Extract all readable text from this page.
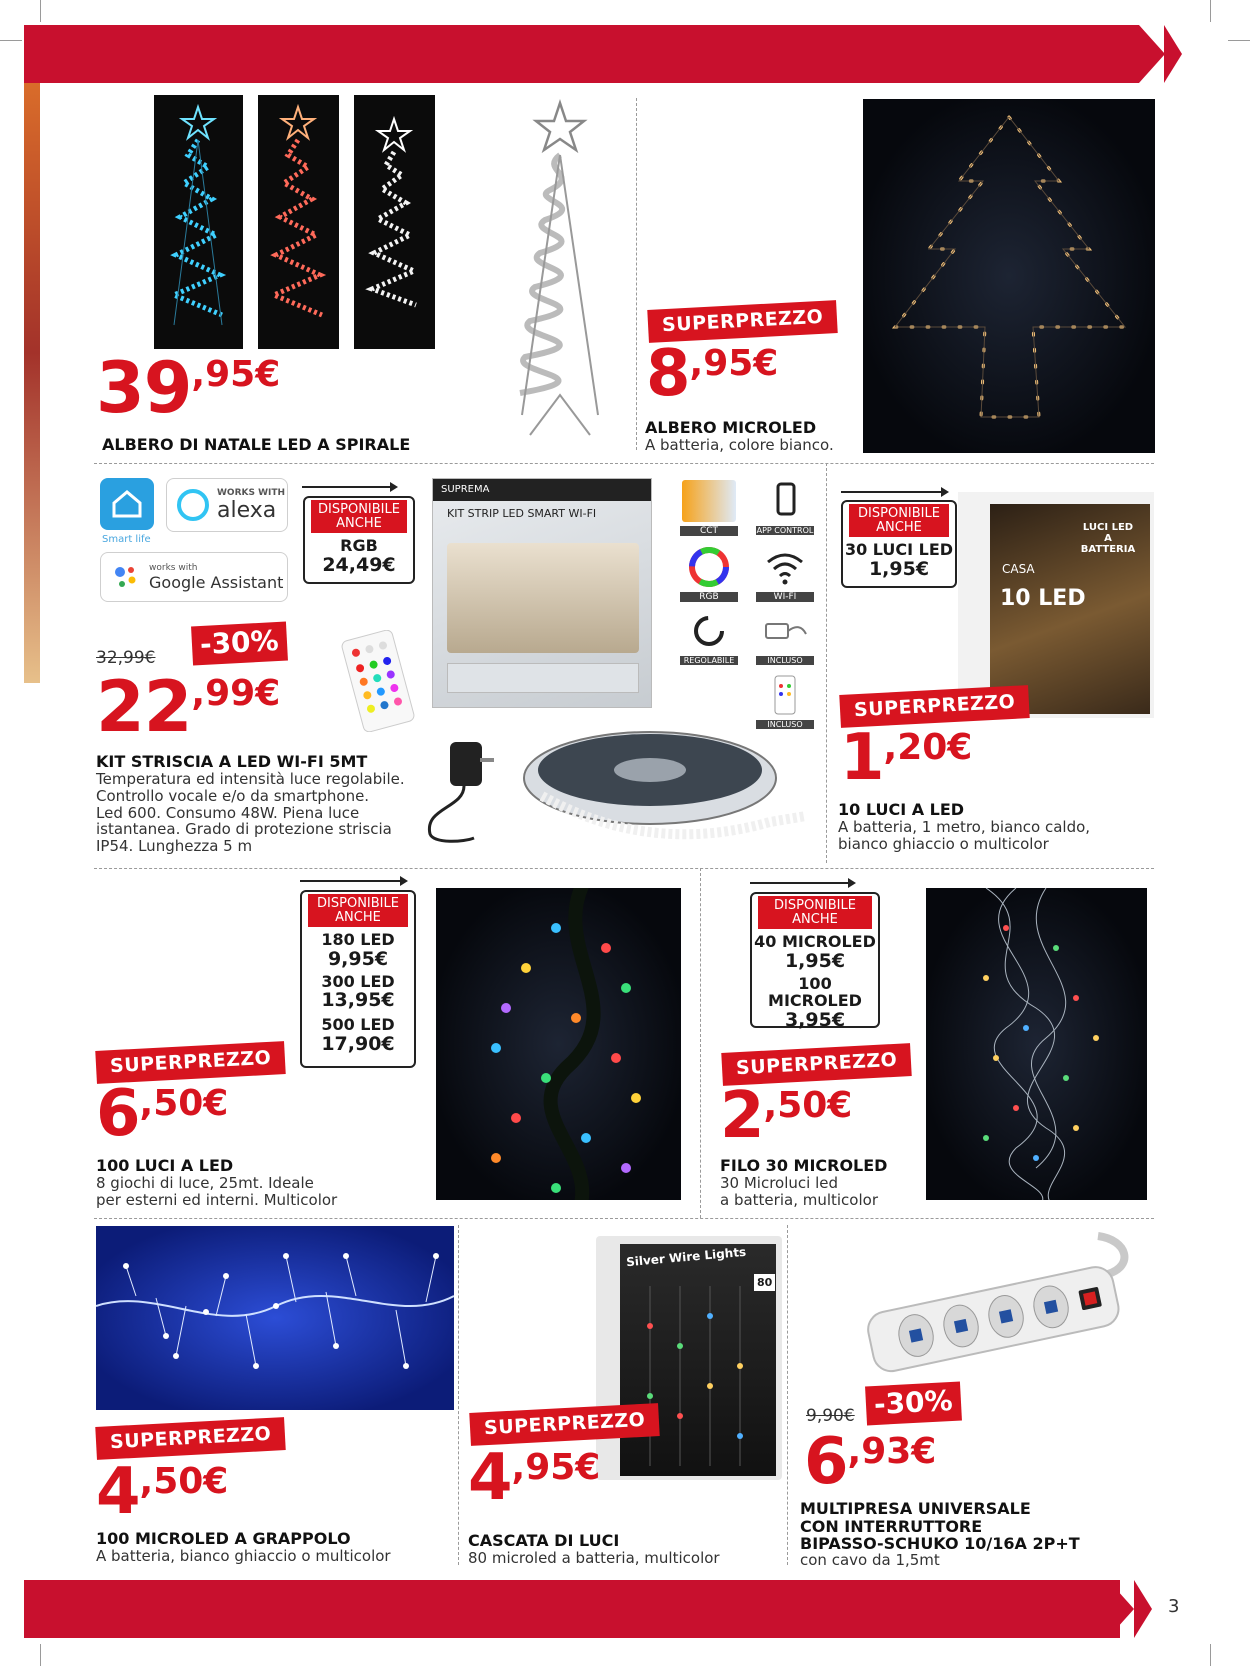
3
39,95€
ALBERO DI NATALE LED A SPIRALE
SUPERPREZZO
8,95€
ALBERO MICROLED
A batteria, colore bianco.
Smart life
WORKS WITH
alexa
works with
Google Assistant
DISPONIBILE ANCHE
RGB
24,49€
32,99€ -30%
22,99€
KIT STRISCIA A LED WI-FI 5MT
Temperatura ed intensità luce regolabile.
Controllo vocale e/o da smartphone.
Led 600. Consumo 48W. Piena luce
istantanea. Grado di protezione striscia
IP54. Lunghezza 5 m
SUPREMA
KIT STRIP LED SMART WI-FI
CCT	APP CONTROL
RGB	WI-FI
REGOLABILE	INCLUSO
INCLUSO
DISPONIBILE ANCHE
30 LUCI LED
1,95€
LUCI LED A BATTERIA
CASA
10 LED
SUPERPREZZO
1,20€
10 LUCI A LED
A batteria, 1 metro, bianco caldo,
bianco ghiaccio o multicolor
DISPONIBILE ANCHE
180 LED
9,95€
300 LED
13,95€
500 LED
17,90€
SUPERPREZZO
6,50€
100 LUCI A LED
8 giochi di luce, 25mt. Ideale
per esterni ed interni. Multicolor
DISPONIBILE ANCHE
40 MICROLED
1,95€
100 MICROLED
3,95€
SUPERPREZZO
2,50€
FILO 30 MICROLED
30 Microluci led
a batteria, multicolor
SUPERPREZZO
4,50€
100 MICROLED A GRAPPOLO
A batteria, bianco ghiaccio o multicolor
Silver Wire Lights
80
SUPERPREZZO
4,95€
CASCATA DI LUCI
80 microled a batteria, multicolor
9,90€ -30%
6,93€
MULTIPRESA UNIVERSALE
CON INTERRUTTORE
BIPASSO-SCHUKO 10/16A 2P+T
con cavo da 1,5mt
